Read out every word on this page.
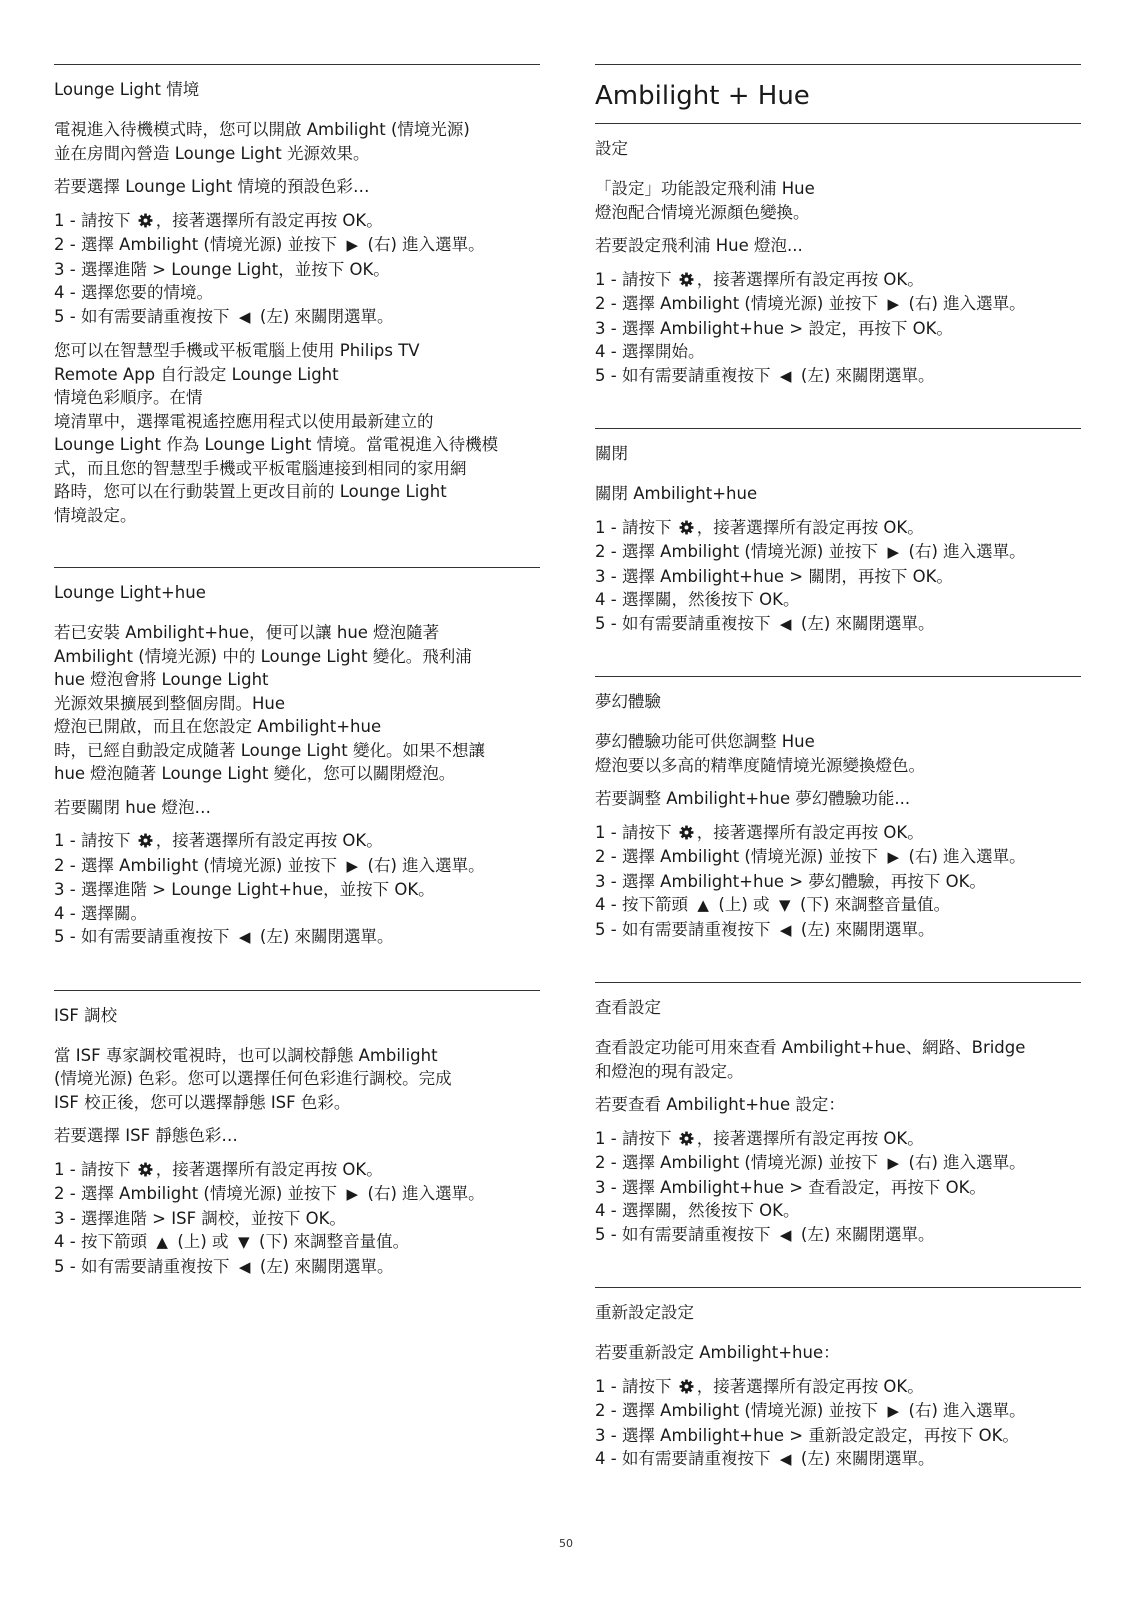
Lounge Light 情境

電視進入待機模式時，您可以開啟 Ambilight (情境光源)
並在房間內營造 Lounge Light 光源效果。

若要選擇 Lounge Light 情境的預設色彩…

1 - 請按下 ，接著選擇所有設定再按 OK。
2 - 選擇 Ambilight (情境光源) 並按下 ▶ (右) 進入選單。
3 - 選擇進階 > Lounge Light，並按下 OK。
4 - 選擇您要的情境。
5 - 如有需要請重複按下 ◀ (左) 來關閉選單。

您可以在智慧型手機或平板電腦上使用 Philips TV
Remote App 自行設定 Lounge Light
情境色彩順序。在情
境清單中，選擇電視遙控應用程式以使用最新建立的
Lounge Light 作為 Lounge Light 情境。當電視進入待機模
式，而且您的智慧型手機或平板電腦連接到相同的家用網
路時，您可以在行動裝置上更改目前的 Lounge Light
情境設定。

Lounge Light+hue

若已安裝 Ambilight+hue，便可以讓 hue 燈泡隨著
Ambilight (情境光源) 中的 Lounge Light 變化。飛利浦
hue 燈泡會將 Lounge Light
光源效果擴展到整個房間。Hue
燈泡已開啟，而且在您設定 Ambilight+hue
時，已經自動設定成隨著 Lounge Light 變化。如果不想讓
hue 燈泡隨著 Lounge Light 變化，您可以關閉燈泡。

若要關閉 hue 燈泡…

1 - 請按下 ，接著選擇所有設定再按 OK。
2 - 選擇 Ambilight (情境光源) 並按下 ▶ (右) 進入選單。
3 - 選擇進階 > Lounge Light+hue，並按下 OK。
4 - 選擇關。
5 - 如有需要請重複按下 ◀ (左) 來關閉選單。
ISF 調校

當 ISF 專家調校電視時，也可以調校靜態 Ambilight
(情境光源) 色彩。您可以選擇任何色彩進行調校。完成
ISF 校正後，您可以選擇靜態 ISF 色彩。

若要選擇 ISF 靜態色彩…

1 - 請按下 ，接著選擇所有設定再按 OK。
2 - 選擇 Ambilight (情境光源) 並按下 ▶ (右) 進入選單。
3 - 選擇進階 > ISF 調校，並按下 OK。
4 - 按下箭頭 ▲ (上) 或 ▼ (下) 來調整音量值。
5 - 如有需要請重複按下 ◀ (左) 來關閉選單。
Ambilight + Hue
設定

「設定」功能設定飛利浦 Hue
燈泡配合情境光源顏色變換。

若要設定飛利浦 Hue 燈泡...

1 - 請按下 ，接著選擇所有設定再按 OK。
2 - 選擇 Ambilight (情境光源) 並按下 ▶ (右) 進入選單。
3 - 選擇 Ambilight+hue > 設定，再按下 OK。
4 - 選擇開始。
5 - 如有需要請重複按下 ◀ (左) 來關閉選單。
關閉

關閉 Ambilight+hue

1 - 請按下 ，接著選擇所有設定再按 OK。
2 - 選擇 Ambilight (情境光源) 並按下 ▶ (右) 進入選單。
3 - 選擇 Ambilight+hue > 關閉，再按下 OK。
4 - 選擇關，然後按下 OK。
5 - 如有需要請重複按下 ◀ (左) 來關閉選單。
夢幻體驗

夢幻體驗功能可供您調整 Hue
燈泡要以多高的精準度隨情境光源變換燈色。

若要調整 Ambilight+hue 夢幻體驗功能...

1 - 請按下 ，接著選擇所有設定再按 OK。
2 - 選擇 Ambilight (情境光源) 並按下 ▶ (右) 進入選單。
3 - 選擇 Ambilight+hue > 夢幻體驗，再按下 OK。
4 - 按下箭頭 ▲ (上) 或 ▼ (下) 來調整音量值。
5 - 如有需要請重複按下 ◀ (左) 來關閉選單。
查看設定

查看設定功能可用來查看 Ambilight+hue、網路、Bridge
和燈泡的現有設定。

若要查看 Ambilight+hue 設定：

1 - 請按下 ，接著選擇所有設定再按 OK。
2 - 選擇 Ambilight (情境光源) 並按下 ▶ (右) 進入選單。
3 - 選擇 Ambilight+hue > 查看設定，再按下 OK。
4 - 選擇關，然後按下 OK。
5 - 如有需要請重複按下 ◀ (左) 來關閉選單。
重新設定設定

若要重新設定 Ambilight+hue：

1 - 請按下 ，接著選擇所有設定再按 OK。
2 - 選擇 Ambilight (情境光源) 並按下 ▶ (右) 進入選單。
3 - 選擇 Ambilight+hue > 重新設定設定，再按下 OK。
4 - 如有需要請重複按下 ◀ (左) 來關閉選單。
50
